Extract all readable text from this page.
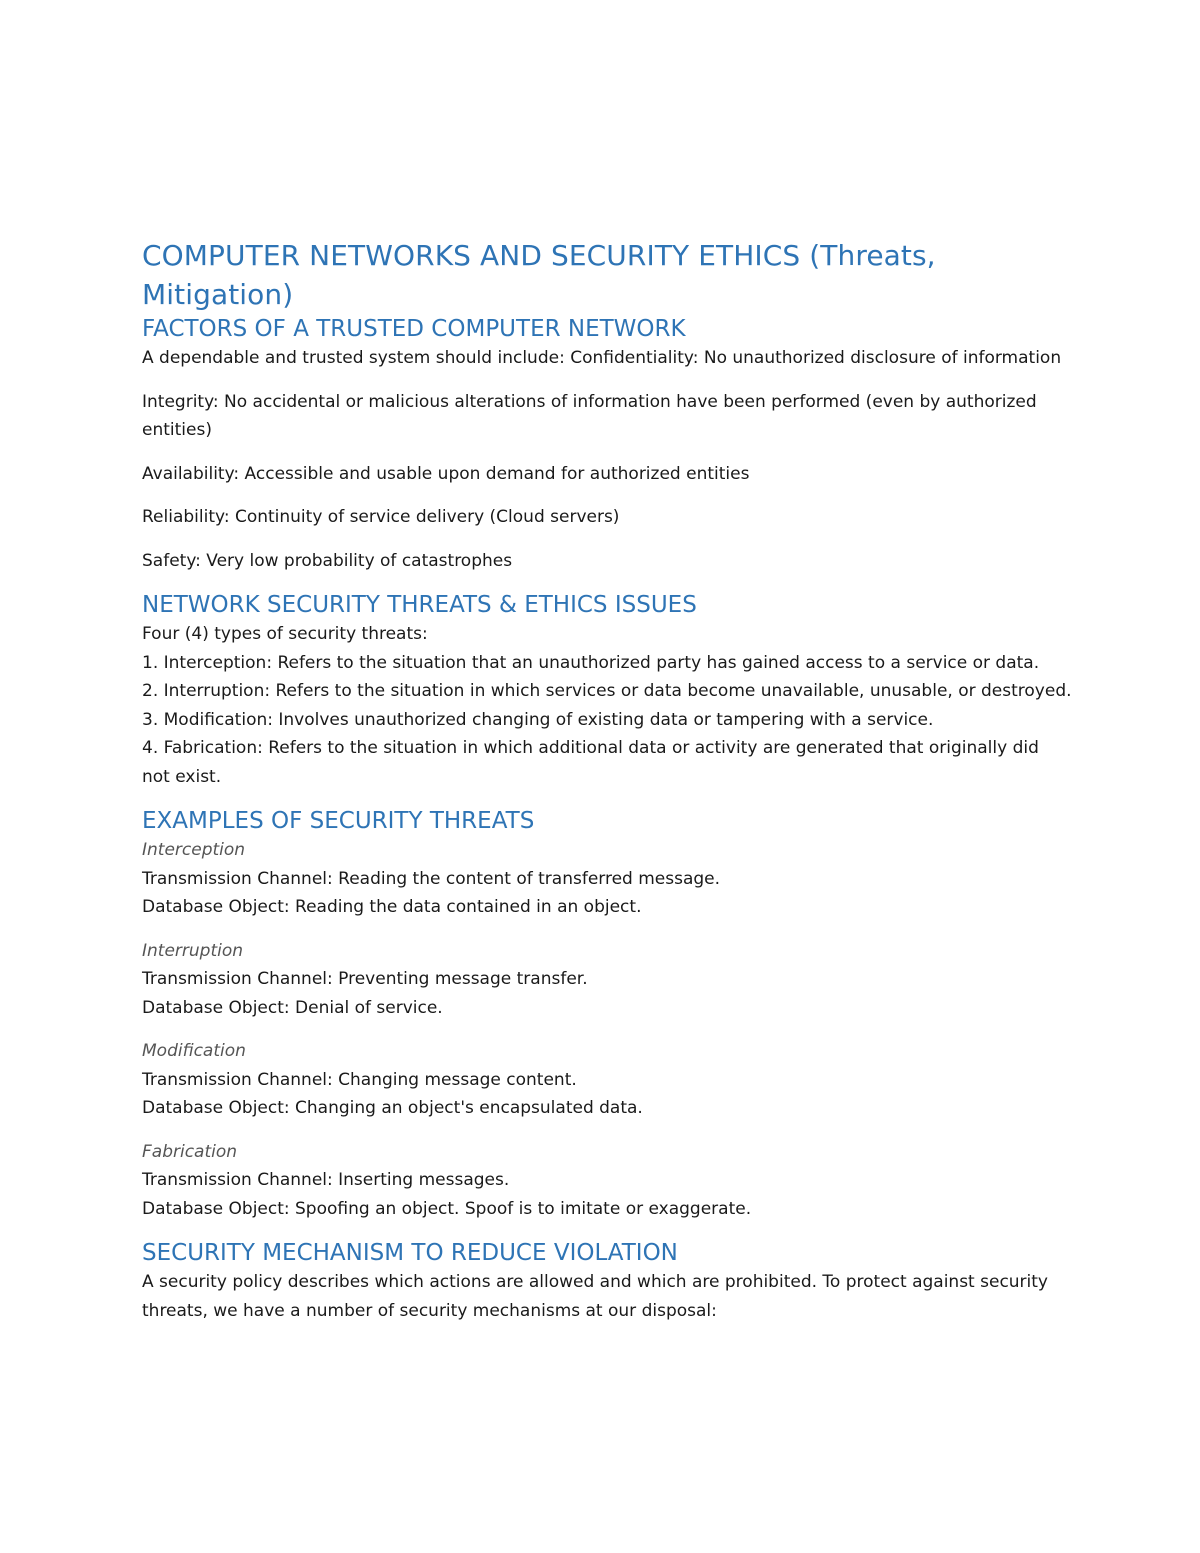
COMPUTER NETWORKS AND SECURITY ETHICS (Threats, Mitigation)
FACTORS OF A TRUSTED COMPUTER NETWORK

A dependable and trusted system should include: Confidentiality: No unauthorized disclosure of information

Integrity: No accidental or malicious alterations of information have been performed (even by authorized entities)

Availability: Accessible and usable upon demand for authorized entities

Reliability: Continuity of service delivery (Cloud servers)

Safety: Very low probability of catastrophes

NETWORK SECURITY THREATS & ETHICS ISSUES

Four (4) types of security threats:

1. Interception: Refers to the situation that an unauthorized party has gained access to a service or data.

2. Interruption: Refers to the situation in which services or data become unavailable, unusable, or destroyed.

3. Modification: Involves unauthorized changing of existing data or tampering with a service.

4. Fabrication: Refers to the situation in which additional data or activity are generated that originally did not exist.

EXAMPLES OF SECURITY THREATS

Interception

Transmission Channel: Reading the content of transferred message.

Database Object: Reading the data contained in an object.

Interruption

Transmission Channel: Preventing message transfer.

Database Object: Denial of service.

Modification

Transmission Channel: Changing message content.

Database Object: Changing an object's encapsulated data.

Fabrication

Transmission Channel: Inserting messages.

Database Object: Spoofing an object. Spoof is to imitate or exaggerate.

SECURITY MECHANISM TO REDUCE VIOLATION

A security policy describes which actions are allowed and which are prohibited. To protect against security threats, we have a number of security mechanisms at our disposal:
